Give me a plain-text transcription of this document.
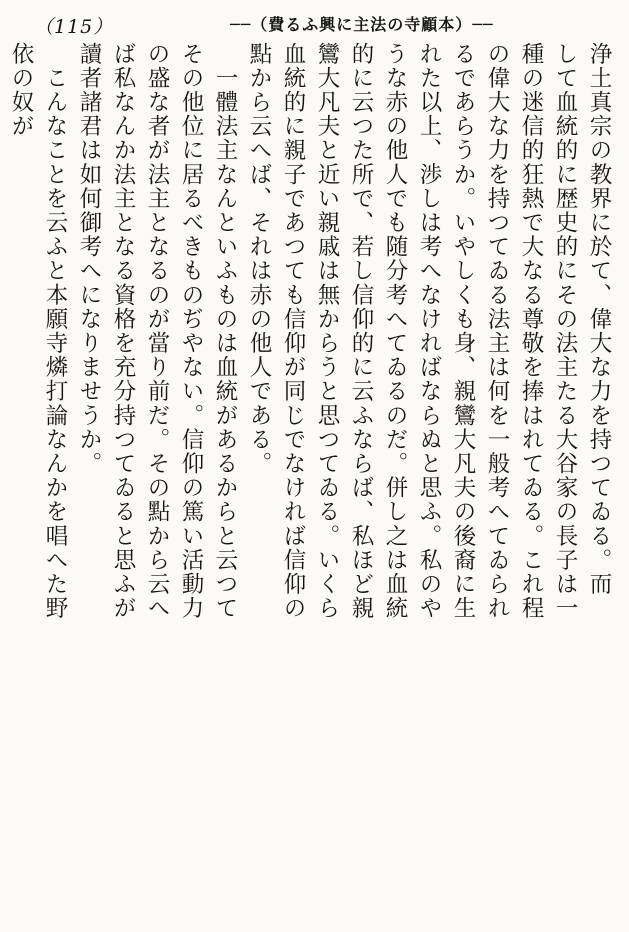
（115）	──（費るふ興に主法の寺顧本）──
浄土真宗の教界に於て、偉大な力を持つてゐる。而
して血統的に歴史的にその法主たる大谷家の長子は一
種の迷信的狂熱で大なる尊敬を捧はれてゐる。これ程
の偉大な力を持つてゐる法主は何を一般考へてゐられ
るであらうか。いやしくも身、親鸞大凡夫の後裔に生
れた以上、渉しは考へなければならぬと思ふ。私のや
うな赤の他人でも随分考へてゐるのだ。併し之は血統
的に云つた所で、若し信仰的に云ふならば、私ほど親
鸞大凡夫と近い親戚は無からうと思つてゐる。いくら
血統的に親子であつても信仰が同じでなければ信仰の
點から云へば、それは赤の他人である。
　一體法主なんといふものは血統があるからと云つて
その他位に居るべきものぢやない。信仰の篤い活動力
の盛な者が法主となるのが當り前だ。その點から云へ
ば私なんか法主となる資格を充分持つてゐると思ふが
讀者諸君は如何御考へになりませうか。
　こんなことを云ふと本願寺燐打論なんかを唱へた野
依の奴が
